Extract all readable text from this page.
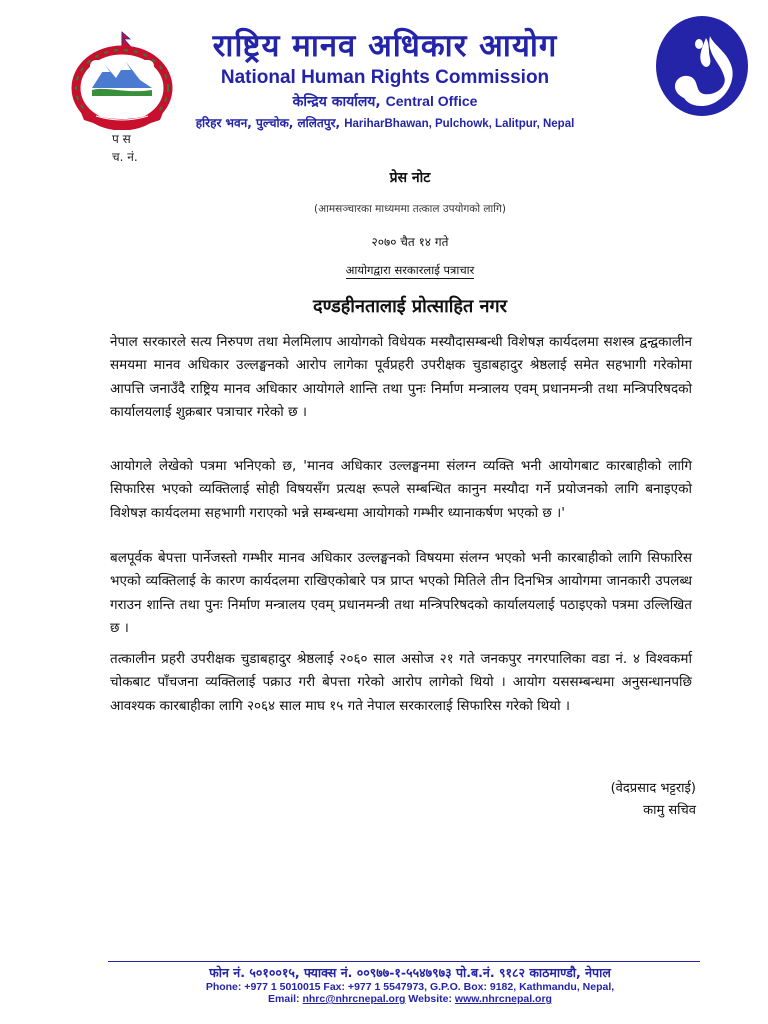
राष्ट्रिय मानव अधिकार आयोग
National Human Rights Commission
केन्द्रिय कार्यालय, Central Office
हरिहर भवन, पुल्चोक, ललितपुर, HariharBhawan, Pulchowk, Lalitpur, Nepal
प स
च. नं.
प्रेस नोट
(आमसञ्चारका माध्यममा तत्काल उपयोगको लागि)
२०७० चैत १४ गते
आयोगद्वारा सरकारलाई पत्राचार
दण्डहीनतालाई प्रोत्साहित नगर
नेपाल सरकारले सत्य निरुपण तथा मेलमिलाप आयोगको विधेयक मस्यौदासम्बन्धी विशेषज्ञ कार्यदलमा सशस्त्र द्वन्द्वकालीन समयमा मानव अधिकार उल्लङ्घनको आरोप लागेका पूर्वप्रहरी उपरीक्षक चुडाबहादुर श्रेष्ठलाई समेत सहभागी गरेकोमा आपत्ति जनाउँदै राष्ट्रिय मानव अधिकार आयोगले शान्ति तथा पुनः निर्माण मन्त्रालय एवम् प्रधानमन्त्री तथा मन्त्रिपरिषदको कार्यालयलाई शुक्रबार पत्राचार गरेको छ ।
आयोगले लेखेको पत्रमा भनिएको छ, 'मानव अधिकार उल्लङ्घनमा संलग्न व्यक्ति भनी आयोगबाट कारबाहीको लागि सिफारिस भएको व्यक्तिलाई सोही विषयसँग प्रत्यक्ष रूपले सम्बन्धित कानुन मस्यौदा गर्ने प्रयोजनको लागि बनाइएको विशेषज्ञ कार्यदलमा सहभागी गराएको भन्ने सम्बन्धमा आयोगको गम्भीर ध्यानाकर्षण भएको छ ।'
बलपूर्वक बेपत्ता पार्नेजस्तो गम्भीर मानव अधिकार उल्लङ्घनको विषयमा संलग्न भएको भनी कारबाहीको लागि सिफारिस भएको व्यक्तिलाई के कारण कार्यदलमा राखिएकोबारे पत्र प्राप्त भएको मितिले तीन दिनभित्र आयोगमा जानकारी उपलब्ध गराउन शान्ति तथा पुनः निर्माण मन्त्रालय एवम् प्रधानमन्त्री तथा मन्त्रिपरिषदको कार्यालयलाई पठाइएको पत्रमा उल्लिखित छ ।
तत्कालीन प्रहरी उपरीक्षक चुडाबहादुर श्रेष्ठलाई २०६० साल असोज २१ गते जनकपुर नगरपालिका वडा नं. ४ विश्वकर्मा चोकबाट पाँचजना व्यक्तिलाई पक्राउ गरी बेपत्ता गरेको आरोप लागेको थियो । आयोग यससम्बन्धमा अनुसन्धानपछि आवश्यक कारबाहीका लागि २०६४ साल माघ १५ गते नेपाल सरकारलाई सिफारिस गरेको थियो ।
(वेदप्रसाद भट्टराई)
कामु सचिव
फोन नं. ५०१००१५, फ्याक्स नं. ००९७७-१-५५४७९७३ पो.ब.नं. ९१८२ काठमाण्डौ, नेपाल
Phone: +977 1 5010015 Fax: +977 1 5547973, G.P.O. Box: 9182, Kathmandu, Nepal,
Email: nhrc@nhrcnepal.org Website: www.nhrcnepal.org
